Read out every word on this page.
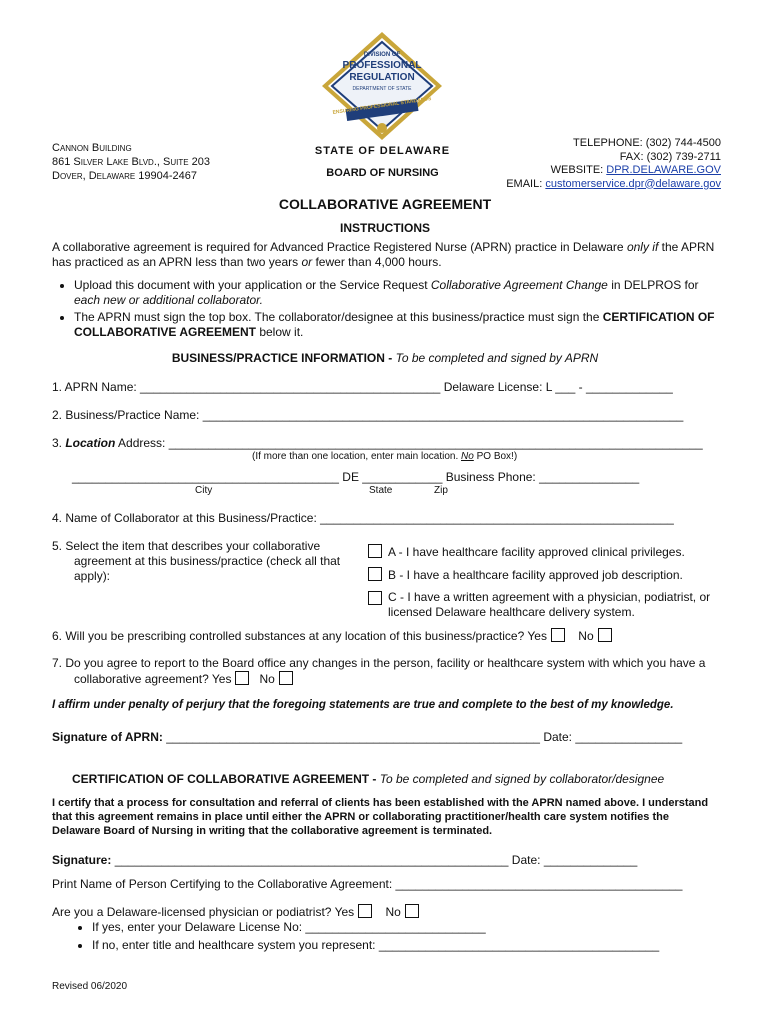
DIVISION OF
PROFESSIONAL
REGULATION
DEPARTMENT OF STATE
ENSURING PROFESSIONAL STANDARDS
Cannon Building
861 Silver Lake Blvd., Suite 203
Dover, Delaware 19904-2467
STATE OF DELAWARE
BOARD OF NURSING
TELEPHONE: (302) 744-4500
FAX: (302) 739-2711
WEBSITE: DPR.DELAWARE.GOV
EMAIL: customerservice.dpr@delaware.gov
COLLABORATIVE AGREEMENT
INSTRUCTIONS
A collaborative agreement is required for Advanced Practice Registered Nurse (APRN) practice in Delaware only if the APRN has practiced as an APRN less than two years or fewer than 4,000 hours.
• Upload this document with your application or the Service Request Collaborative Agreement Change in DELPROS for each new or additional collaborator.
• The APRN must sign the top box. The collaborator/designee at this business/practice must sign the CERTIFICATION OF COLLABORATIVE AGREEMENT below it.
BUSINESS/PRACTICE INFORMATION - To be completed and signed by APRN
1. APRN Name: _____________________________________________ Delaware License: L ___ - _____________
2. Business/Practice Name: ________________________________________________________________________
3. Location Address: ________________________________________________________________________________
(If more than one location, enter main location. No PO Box!)
________________________________________ DE ____________ Business Phone: _______________
City	State	Zip
4. Name of Collaborator at this Business/Practice: _____________________________________________________
5. Select the item that describes your collaborative agreement at this business/practice (check all that apply):
A - I have healthcare facility approved clinical privileges.
B - I have a healthcare facility approved job description.
C - I have a written agreement with a physician, podiatrist, or licensed Delaware healthcare delivery system.
6. Will you be prescribing controlled substances at any location of this business/practice? Yes	No
7. Do you agree to report to the Board office any changes in the person, facility or healthcare system with which you have a collaborative agreement? Yes No
I affirm under penalty of perjury that the foregoing statements are true and complete to the best of my knowledge.
Signature of APRN: ________________________________________________________ Date: ________________
CERTIFICATION OF COLLABORATIVE AGREEMENT - To be completed and signed by collaborator/designee
I certify that a process for consultation and referral of clients has been established with the APRN named above. I understand that this agreement remains in place until either the APRN or collaborating practitioner/health care system notifies the Delaware Board of Nursing in writing that the collaborative agreement is terminated.
Signature: ___________________________________________________________ Date: ______________
Print Name of Person Certifying to the Collaborative Agreement: ___________________________________________
Are you a Delaware-licensed physician or podiatrist? Yes	No
• If yes, enter your Delaware License No: ___________________________
• If no, enter title and healthcare system you represent: __________________________________________
Revised 06/2020
